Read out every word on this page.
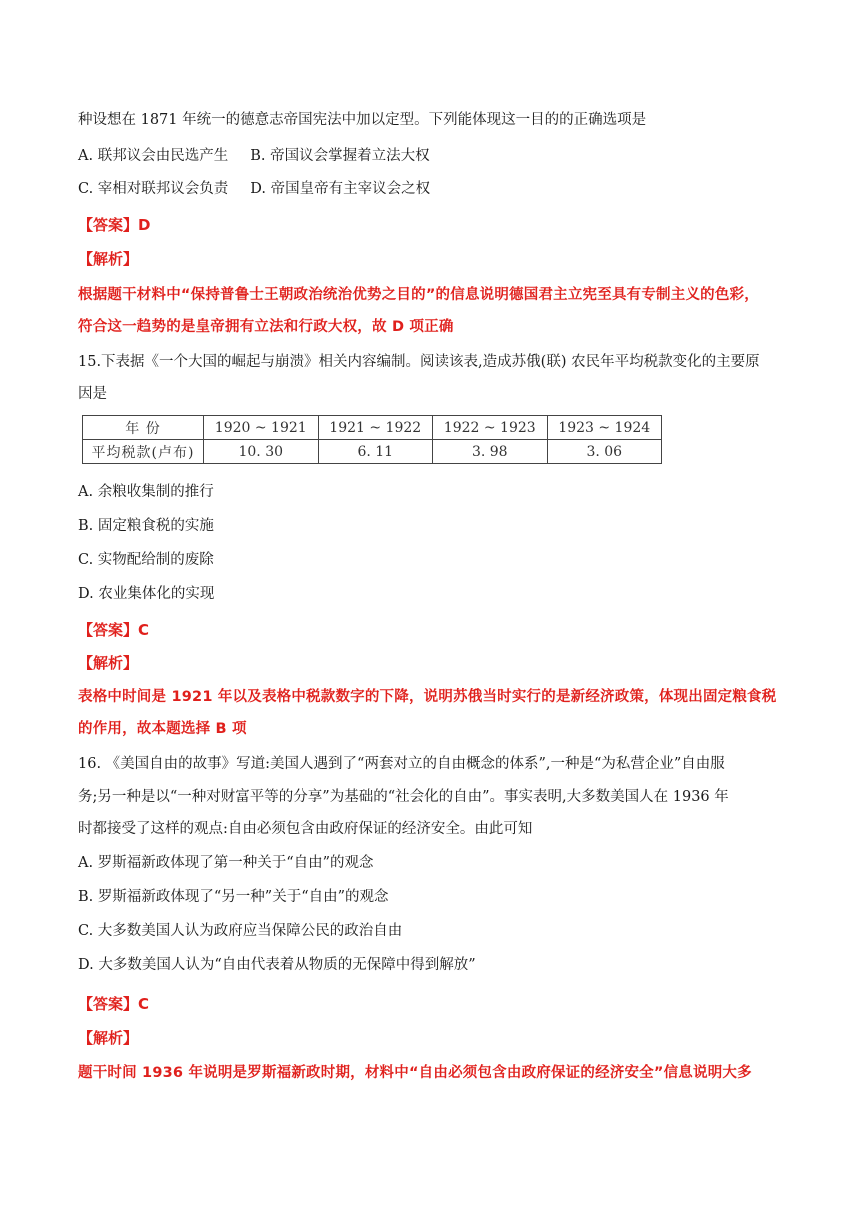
种设想在 1871 年统一的德意志帝国宪法中加以定型。下列能体现这一目的的正确选项是
A. 联邦议会由民选产生 B. 帝国议会掌握着立法大权
C. 宰相对联邦议会负责 D. 帝国皇帝有主宰议会之权
【答案】D
【解析】
根据题干材料中“保持普鲁士王朝政治统治优势之目的”的信息说明德国君主立宪至具有专制主义的色彩，
符合这一趋势的是皇帝拥有立法和行政大权，故 D 项正确
15.下表据《一个大国的崛起与崩溃》相关内容编制。阅读该表,造成苏俄(联) 农民年平均税款变化的主要原
因是
年 份	1920 ~ 1921	1921 ~ 1922	1922 ~ 1923	1923 ~ 1924
平均税款(卢布)	10. 30	6. 11	3. 98	3. 06
A. 余粮收集制的推行
B. 固定粮食税的实施
C. 实物配给制的废除
D. 农业集体化的实现
【答案】C
【解析】
表格中时间是 1921 年以及表格中税款数字的下降，说明苏俄当时实行的是新经济政策，体现出固定粮食税
的作用，故本题选择 B 项
16. 《美国自由的故事》写道:美国人遇到了“两套对立的自由概念的体系”,一种是“为私营企业”自由服
务;另一种是以“一种对财富平等的分享”为基础的“社会化的自由”。事实表明,大多数美国人在 1936 年
时都接受了这样的观点:自由必须包含由政府保证的经济安全。由此可知
A. 罗斯福新政体现了第一种关于“自由”的观念
B. 罗斯福新政体现了“另一种”关于“自由”的观念
C. 大多数美国人认为政府应当保障公民的政治自由
D. 大多数美国人认为“自由代表着从物质的无保障中得到解放”
【答案】C
【解析】
题干时间 1936 年说明是罗斯福新政时期，材料中“自由必须包含由政府保证的经济安全”信息说明大多
